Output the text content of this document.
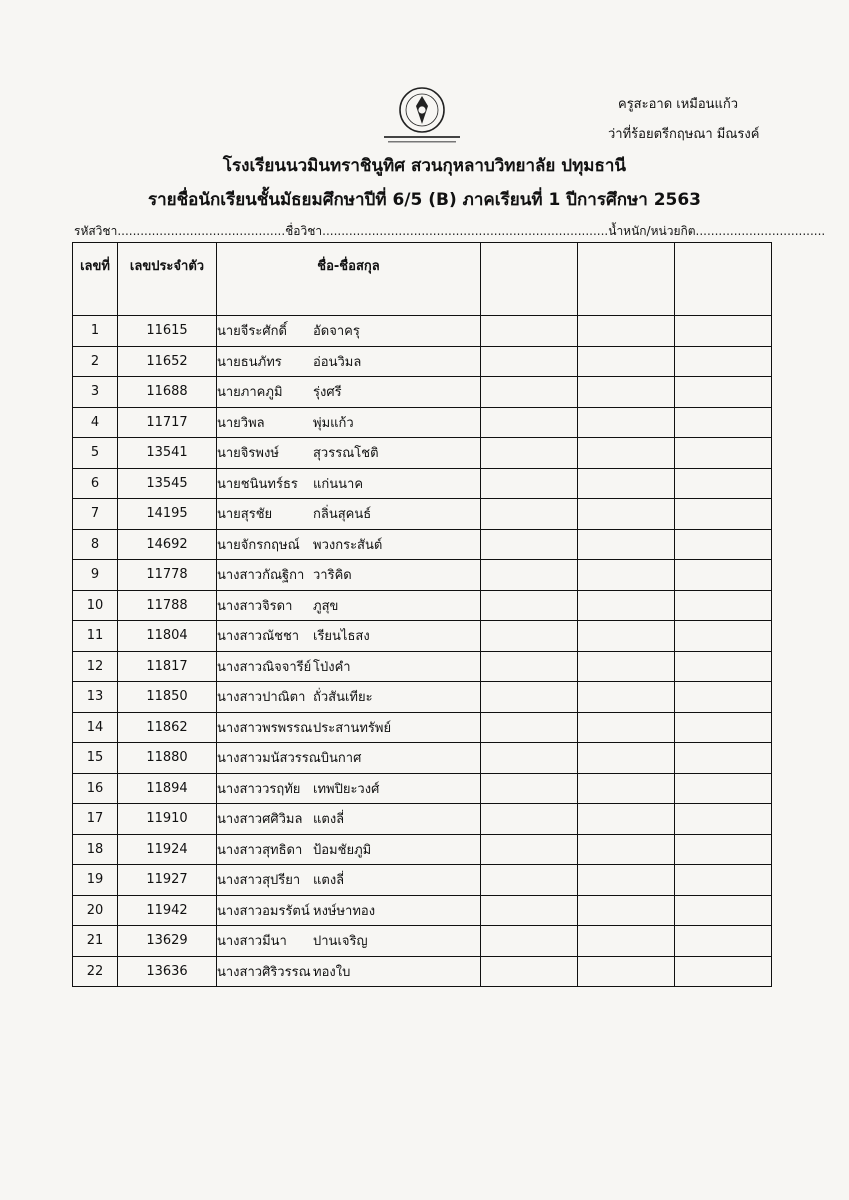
ครูสะอาด เหมือนแก้ว
ว่าที่ร้อยตรีกฤษณา มีณรงค์
โรงเรียนนวมินทราชินูทิศ สวนกุหลาบวิทยาลัย ปทุมธานี
รายชื่อนักเรียนชั้นมัธยมศึกษาปีที่ 6/5 (B) ภาคเรียนที่ 1 ปีการศึกษา 2563
รหัสวิชา............................................ชื่อวิชา...........................................................................น้ำหนัก/หน่วยกิต..................................
เลขที่	เลขประจำตัว	ชื่อ-ชื่อสกุล			
1	11615	นายจีระศักดิ์ อัดจาครุ			
2	11652	นายธนภัทร อ่อนวิมล			
3	11688	นายภาคภูมิ รุ่งศรี			
4	11717	นายวิพล พุ่มแก้ว			
5	13541	นายจิรพงษ์ สุวรรณโชติ			
6	13545	นายชนินทร์ธร แก่นนาค			
7	14195	นายสุรชัย กลิ่นสุคนธ์			
8	14692	นายจักรกฤษณ์ พวงกระสันต์			
9	11778	นางสาวกัณฐิกา วาริคิด			
10	11788	นางสาวจิรดา ภูสุข			
11	11804	นางสาวณัชชา เรียนไธสง			
12	11817	นางสาวณิจจารีย์ โป่งคำ			
13	11850	นางสาวปาณิตา ถั่วสันเทียะ			
14	11862	นางสาวพรพรรณประสานทรัพย์			
15	11880	นางสาวมนัสวรรณบินกาศ			
16	11894	นางสาววรฤทัย เทพปิยะวงศ์			
17	11910	นางสาวศศิวิมล แตงลี่			
18	11924	นางสาวสุทธิดา ป้อมชัยภูมิ			
19	11927	นางสาวสุปรียา แตงลี่			
20	11942	นางสาวอมรรัตน์ หงษ์ษาทอง			
21	13629	นางสาวมีนา ปานเจริญ			
22	13636	นางสาวศิริวรรณ ทองใบ			
